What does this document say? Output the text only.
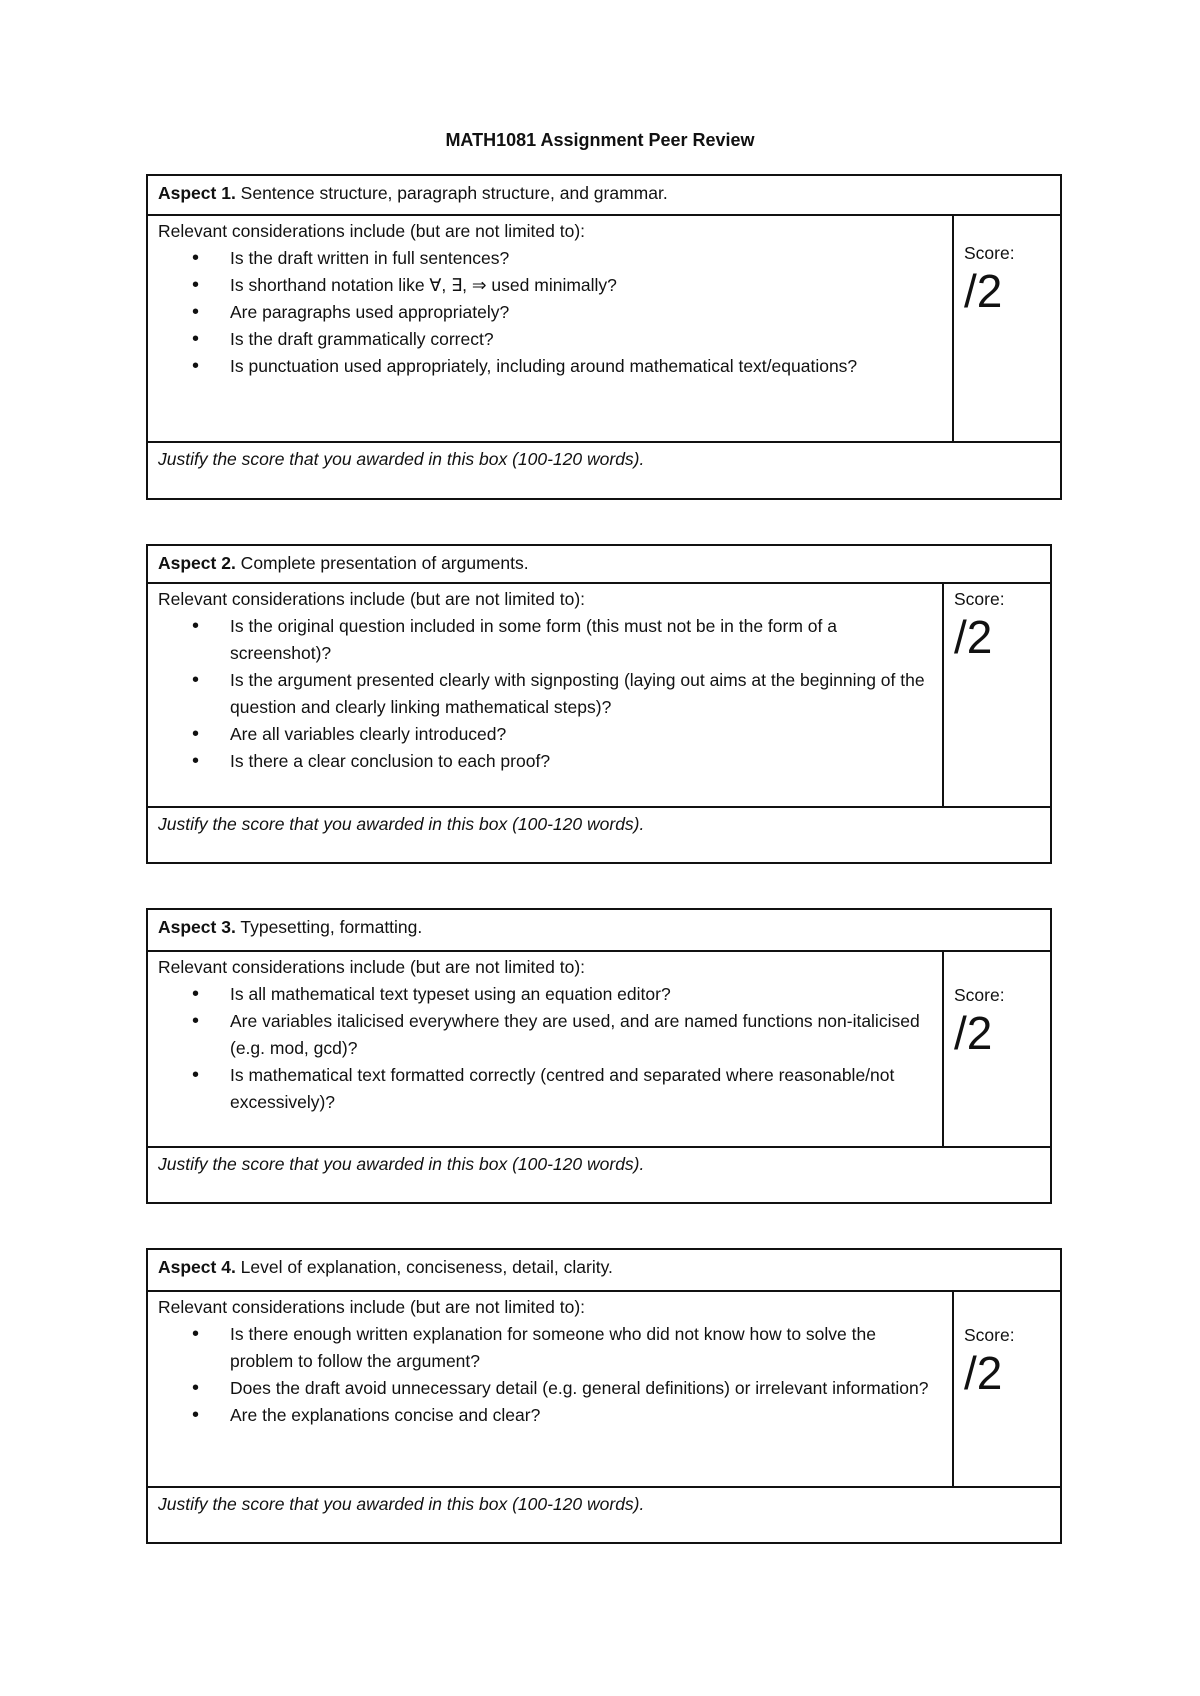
MATH1081 Assignment Peer Review
Aspect 1. Sentence structure, paragraph structure, and grammar.
Relevant considerations include (but are not limited to):
• Is the draft written in full sentences?
• Is shorthand notation like ∀, ∃, ⇒ used minimally?
• Are paragraphs used appropriately?
• Is the draft grammatically correct?
• Is punctuation used appropriately, including around mathematical text/equations?
Score:
/2
Justify the score that you awarded in this box (100-120 words).
Aspect 2. Complete presentation of arguments.
Relevant considerations include (but are not limited to):
• Is the original question included in some form (this must not be in the form of a screenshot)?
• Is the argument presented clearly with signposting (laying out aims at the beginning of the question and clearly linking mathematical steps)?
• Are all variables clearly introduced?
• Is there a clear conclusion to each proof?
Score:
/2
Justify the score that you awarded in this box (100-120 words).
Aspect 3. Typesetting, formatting.
Relevant considerations include (but are not limited to):
• Is all mathematical text typeset using an equation editor?
• Are variables italicised everywhere they are used, and are named functions non-italicised (e.g. mod, gcd)?
• Is mathematical text formatted correctly (centred and separated where reasonable/not excessively)?
Score:
/2
Justify the score that you awarded in this box (100-120 words).
Aspect 4. Level of explanation, conciseness, detail, clarity.
Relevant considerations include (but are not limited to):
• Is there enough written explanation for someone who did not know how to solve the problem to follow the argument?
• Does the draft avoid unnecessary detail (e.g. general definitions) or irrelevant information?
• Are the explanations concise and clear?
Score:
/2
Justify the score that you awarded in this box (100-120 words).
